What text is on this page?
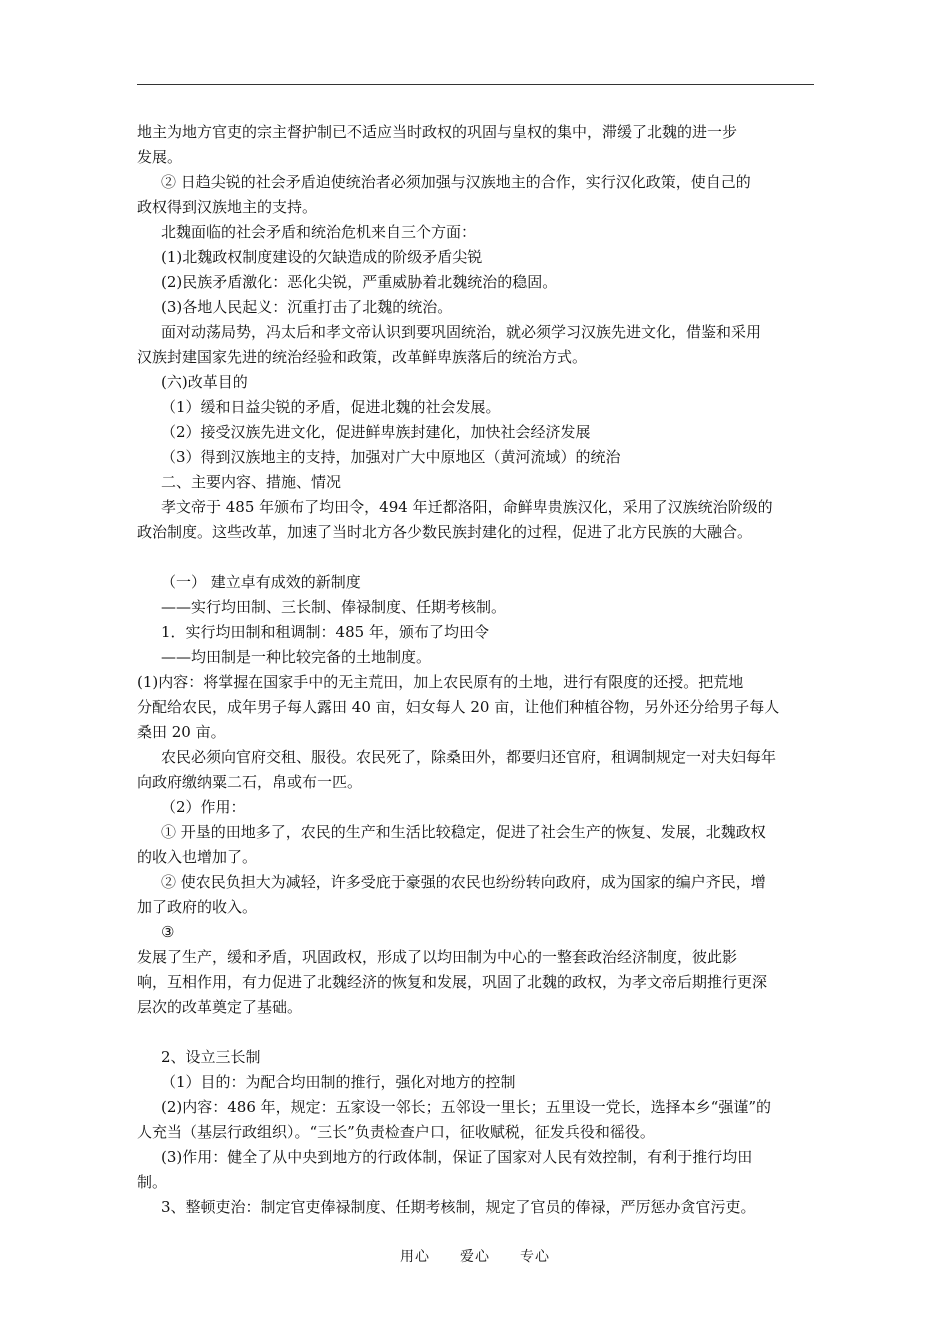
地主为地方官吏的宗主督护制已不适应当时政权的巩固与皇权的集中，滞缓了北魏的进一步
发展。
② 日趋尖锐的社会矛盾迫使统治者必须加强与汉族地主的合作，实行汉化政策，使自己的
政权得到汉族地主的支持。
北魏面临的社会矛盾和统治危机来自三个方面：
(1)北魏政权制度建设的欠缺造成的阶级矛盾尖锐
(2)民族矛盾激化：恶化尖锐，严重威胁着北魏统治的稳固。
(3)各地人民起义：沉重打击了北魏的统治。
面对动荡局势，冯太后和孝文帝认识到要巩固统治，就必须学习汉族先进文化，借鉴和采用
汉族封建国家先进的统治经验和政策，改革鲜卑族落后的统治方式。
(六)改革目的
（1）缓和日益尖锐的矛盾，促进北魏的社会发展。
（2）接受汉族先进文化，促进鲜卑族封建化，加快社会经济发展
（3）得到汉族地主的支持，加强对广大中原地区（黄河流域）的统治
二、主要内容、措施、情况
孝文帝于 485 年颁布了均田令，494 年迁都洛阳，命鲜卑贵族汉化，采用了汉族统治阶级的
政治制度。这些改革，加速了当时北方各少数民族封建化的过程，促进了北方民族的大融合。
（一） 建立卓有成效的新制度
——实行均田制、三长制、俸禄制度、任期考核制。
1．实行均田制和租调制：485 年，颁布了均田令
——均田制是一种比较完备的土地制度。
(1)内容：将掌握在国家手中的无主荒田，加上农民原有的土地，进行有限度的还授。把荒地
分配给农民，成年男子每人露田 40 亩，妇女每人 20 亩，让他们种植谷物，另外还分给男子每人
桑田 20 亩。
农民必须向官府交租、服役。农民死了，除桑田外，都要归还官府，租调制规定一对夫妇每年
向政府缴纳粟二石，帛或布一匹。
（2）作用：
① 开垦的田地多了，农民的生产和生活比较稳定，促进了社会生产的恢复、发展，北魏政权
的收入也增加了。
② 使农民负担大为减轻，许多受庇于豪强的农民也纷纷转向政府，成为国家的编户齐民，增
加了政府的收入。
③
发展了生产，缓和矛盾，巩固政权，形成了以均田制为中心的一整套政治经济制度，彼此影
响，互相作用，有力促进了北魏经济的恢复和发展，巩固了北魏的政权，为孝文帝后期推行更深
层次的改革奠定了基础。
2、设立三长制
（1）目的：为配合均田制的推行，强化对地方的控制
(2)内容：486 年，规定：五家设一邻长；五邻设一里长；五里设一党长，选择本乡“强谨”的
人充当（基层行政组织）。“三长”负责检查户口，征收赋税，征发兵役和徭役。
(3)作用：健全了从中央到地方的行政体制，保证了国家对人民有效控制，有利于推行均田
制。
3、整顿吏治：制定官吏俸禄制度、任期考核制，规定了官员的俸禄，严厉惩办贪官污吏。
用心　　爱心　　专心
